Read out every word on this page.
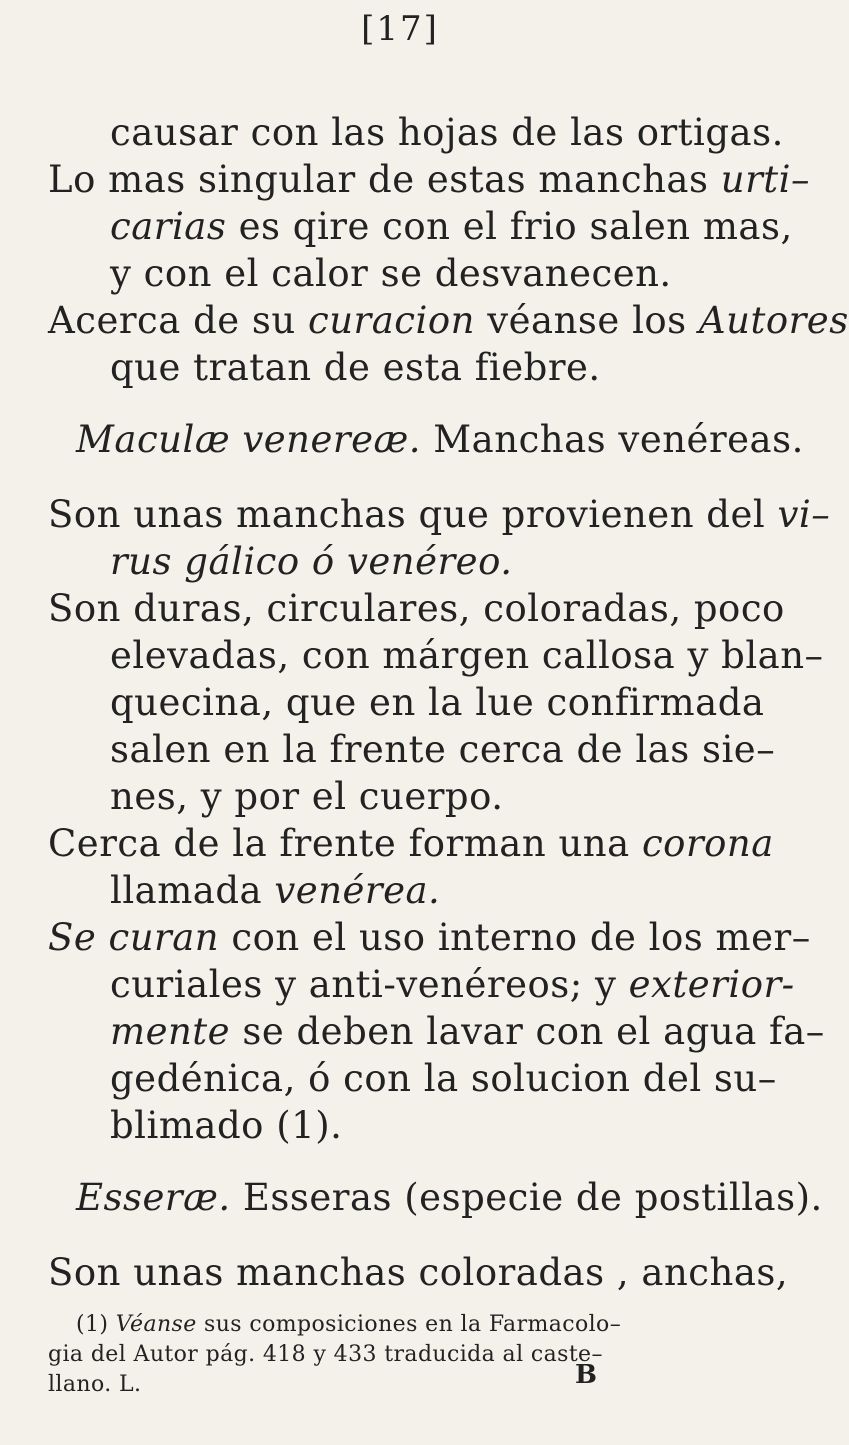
[17]
causar con las hojas de las ortigas.
Lo mas singular de estas manchas urti–
carias es qire con el frio salen mas,
y con el calor se desvanecen.
Acerca de su curacion véanse los Autores
que tratan de esta fiebre.
Maculæ venereæ. Manchas venéreas.
Son unas manchas que provienen del vi–
rus gálico ó venéreo.
Son duras, circulares, coloradas, poco
elevadas, con márgen callosa y blan–
quecina, que en la lue confirmada
salen en la frente cerca de las sie–
nes, y por el cuerpo.
Cerca de la frente forman una corona
llamada venérea.
Se curan con el uso interno de los mer–
curiales y anti-venéreos; y exterior-
mente se deben lavar con el agua fa–
gedénica, ó con la solucion del su–
blimado (1).
Esseræ. Esseras (especie de postillas).
Son unas manchas coloradas , anchas,
(1) Véanse sus composiciones en la Farmacolo–
gia del Autor pág. 418 y 433 traducida al caste–
llano. L.	B
